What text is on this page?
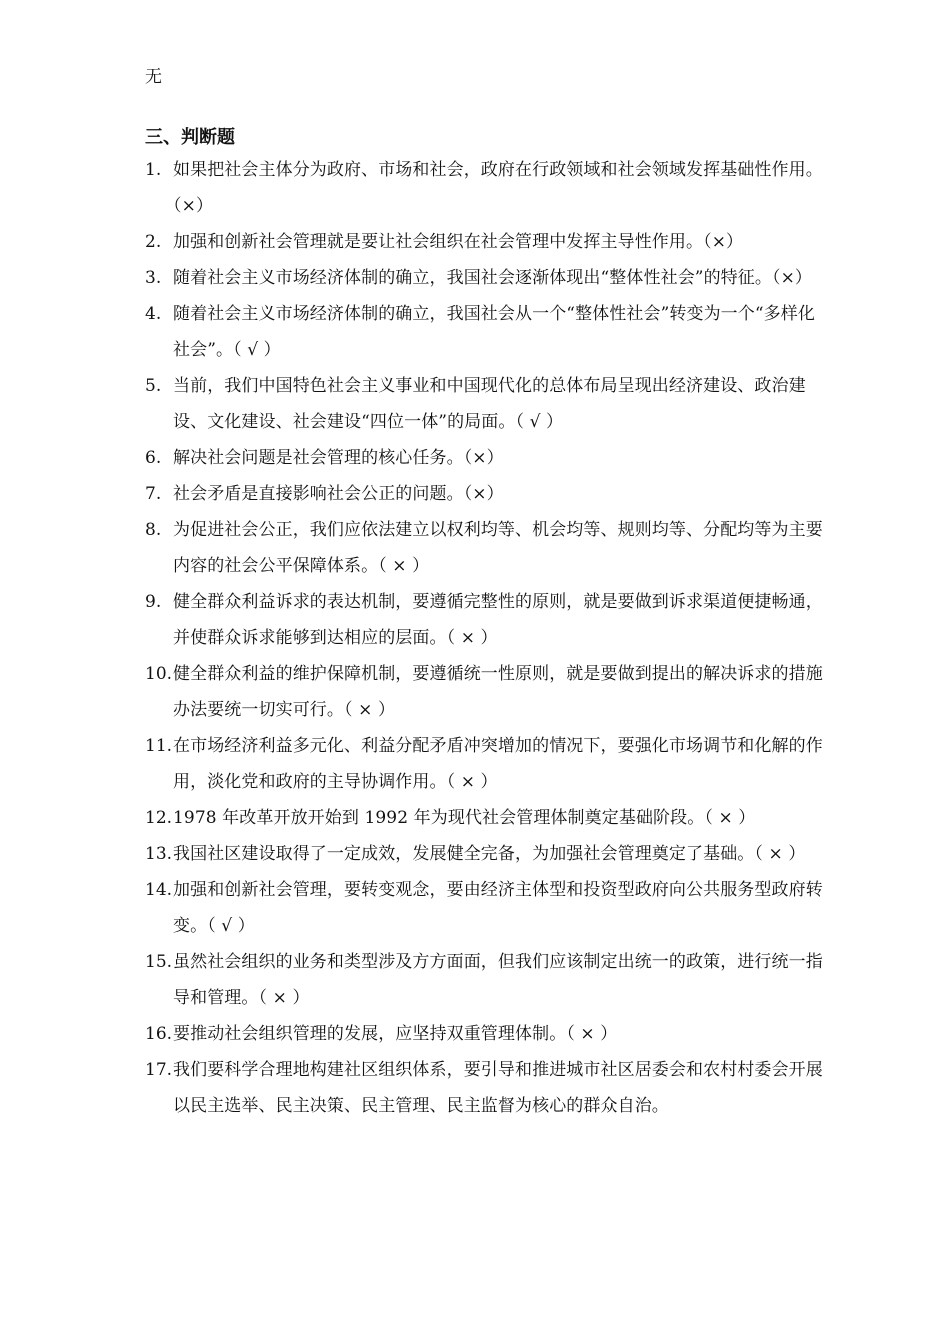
无
三、判断题
1. 如果把社会主体分为政府、市场和社会，政府在行政领域和社会领域发挥基础性作用。（×）
2. 加强和创新社会管理就是要让社会组织在社会管理中发挥主导性作用。（×）
3. 随着社会主义市场经济体制的确立，我国社会逐渐体现出“整体性社会”的特征。（×）
4. 随着社会主义市场经济体制的确立，我国社会从一个“整体性社会”转变为一个“多样化社会”。（ √ ）
5. 当前，我们中国特色社会主义事业和中国现代化的总体布局呈现出经济建设、政治建设、文化建设、社会建设“四位一体”的局面。（ √ ）
6. 解决社会问题是社会管理的核心任务。（×）
7. 社会矛盾是直接影响社会公正的问题。（×）
8. 为促进社会公正，我们应依法建立以权利均等、机会均等、规则均等、分配均等为主要内容的社会公平保障体系。（ × ）
9. 健全群众利益诉求的表达机制，要遵循完整性的原则，就是要做到诉求渠道便捷畅通，并使群众诉求能够到达相应的层面。（ × ）
10. 健全群众利益的维护保障机制，要遵循统一性原则，就是要做到提出的解决诉求的措施办法要统一切实可行。（ × ）
11. 在市场经济利益多元化、利益分配矛盾冲突增加的情况下，要强化市场调节和化解的作用，淡化党和政府的主导协调作用。（ × ）
12. 1978 年改革开放开始到 1992 年为现代社会管理体制奠定基础阶段。（ × ）
13. 我国社区建设取得了一定成效，发展健全完备，为加强社会管理奠定了基础。（ × ）
14. 加强和创新社会管理，要转变观念，要由经济主体型和投资型政府向公共服务型政府转变。（ √ ）
15. 虽然社会组织的业务和类型涉及方方面面，但我们应该制定出统一的政策，进行统一指导和管理。（ × ）
16. 要推动社会组织管理的发展，应坚持双重管理体制。（ × ）
17. 我们要科学合理地构建社区组织体系，要引导和推进城市社区居委会和农村村委会开展以民主选举、民主决策、民主管理、民主监督为核心的群众自治。
